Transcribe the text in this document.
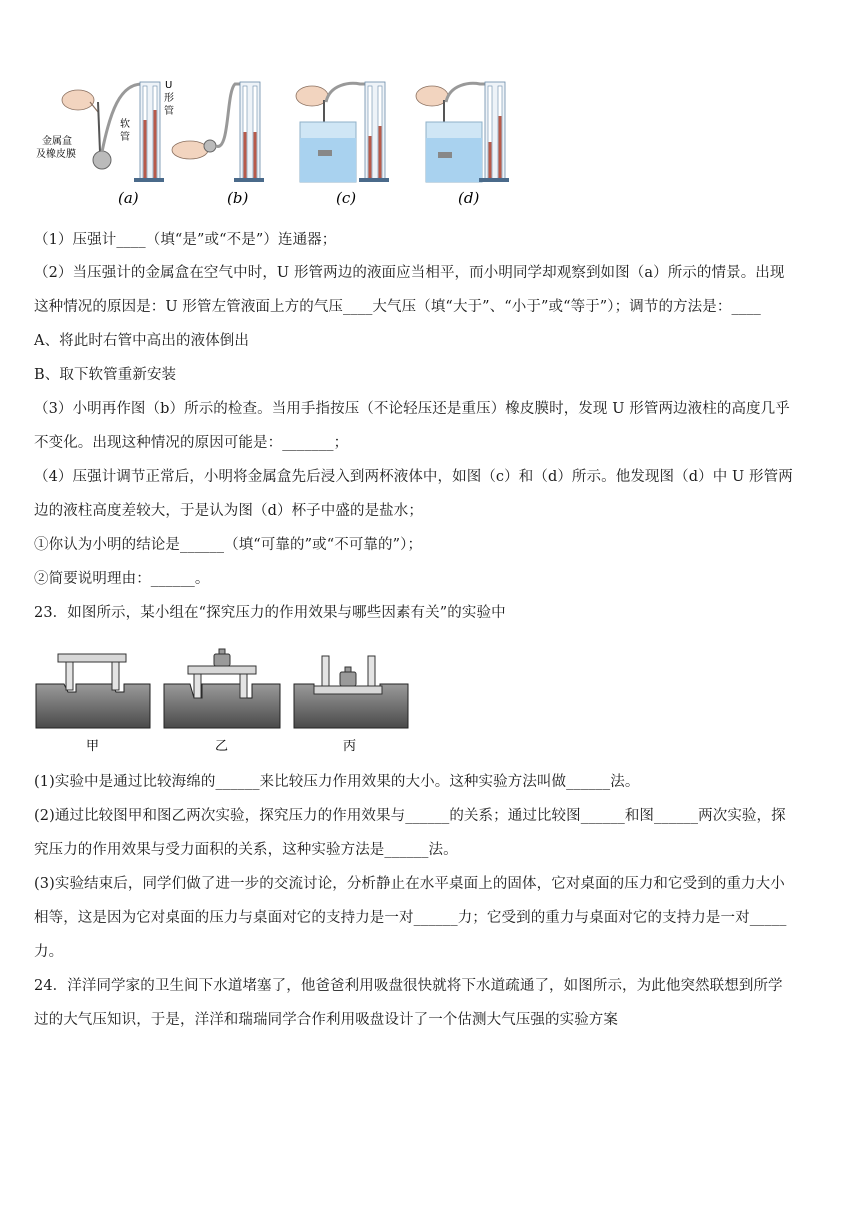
U
形
管
软
管
金属盒
及橡皮膜
(a)	(b)	(c)	(d)
（1）压强计____（填“是”或“不是”）连通器；
（2）当压强计的金属盒在空气中时，U 形管两边的液面应当相平，而小明同学却观察到如图（a）所示的情景。出现
这种情况的原因是：U 形管左管液面上方的气压____大气压（填“大于”、“小于”或“等于”）；调节的方法是：____
A、将此时右管中高出的液体倒出
B、取下软管重新安装
（3）小明再作图（b）所示的检查。当用手指按压（不论轻压还是重压）橡皮膜时，发现 U 形管两边液柱的高度几乎
不变化。出现这种情况的原因可能是：_______；
（4）压强计调节正常后，小明将金属盒先后浸入到两杯液体中，如图（c）和（d）所示。他发现图（d）中 U 形管两
边的液柱高度差较大，于是认为图（d）杯子中盛的是盐水；
①你认为小明的结论是______（填“可靠的”或“不可靠的”）；
②简要说明理由：______。
23．如图所示，某小组在“探究压力的作用效果与哪些因素有关”的实验中
甲	乙	丙
(1)实验中是通过比较海绵的______来比较压力作用效果的大小。这种实验方法叫做______法。
(2)通过比较图甲和图乙两次实验，探究压力的作用效果与______的关系；通过比较图______和图______两次实验，探
究压力的作用效果与受力面积的关系，这种实验方法是______法。
(3)实验结束后，同学们做了进一步的交流讨论，分析静止在水平桌面上的固体，它对桌面的压力和它受到的重力大小
相等，这是因为它对桌面的压力与桌面对它的支持力是一对______力；它受到的重力与桌面对它的支持力是一对_____
力。
24．洋洋同学家的卫生间下水道堵塞了，他爸爸利用吸盘很快就将下水道疏通了，如图所示，为此他突然联想到所学
过的大气压知识，于是，洋洋和瑞瑞同学合作利用吸盘设计了一个估测大气压强的实验方案
